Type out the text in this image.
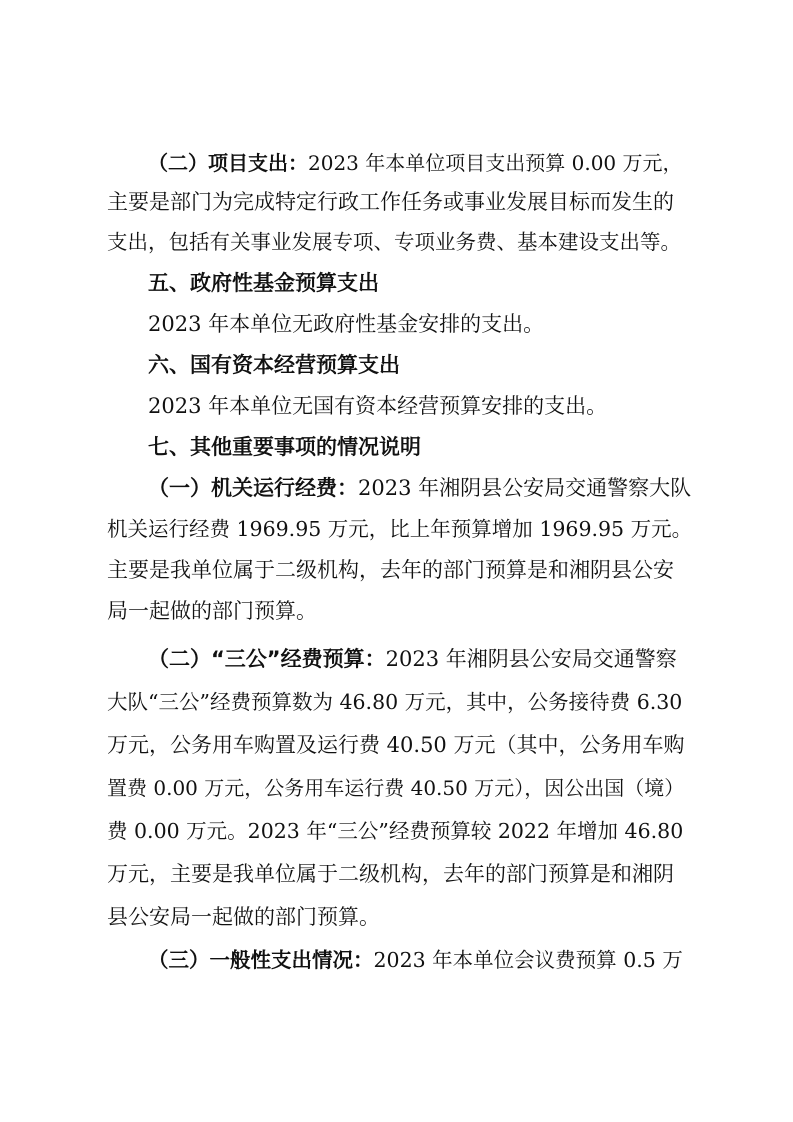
（二）项目支出：2023 年本单位项目支出预算 0.00 万元，
主要是部门为完成特定行政工作任务或事业发展目标而发生的
支出，包括有关事业发展专项、专项业务费、基本建设支出等。
五、政府性基金预算支出
2023 年本单位无政府性基金安排的支出。
六、国有资本经营预算支出
2023 年本单位无国有资本经营预算安排的支出。
七、其他重要事项的情况说明
（一）机关运行经费：2023 年湘阴县公安局交通警察大队
机关运行经费 1969.95 万元，比上年预算增加 1969.95 万元。
主要是我单位属于二级机构，去年的部门预算是和湘阴县公安
局一起做的部门预算。
（二）“三公”经费预算：2023 年湘阴县公安局交通警察
大队“三公”经费预算数为 46.80 万元，其中，公务接待费 6.30
万元，公务用车购置及运行费 40.50 万元（其中，公务用车购
置费 0.00 万元，公务用车运行费 40.50 万元），因公出国（境）
费 0.00 万元。2023 年“三公”经费预算较 2022 年增加 46.80
万元，主要是我单位属于二级机构，去年的部门预算是和湘阴
县公安局一起做的部门预算。
（三）一般性支出情况：2023 年本单位会议费预算 0.5 万
